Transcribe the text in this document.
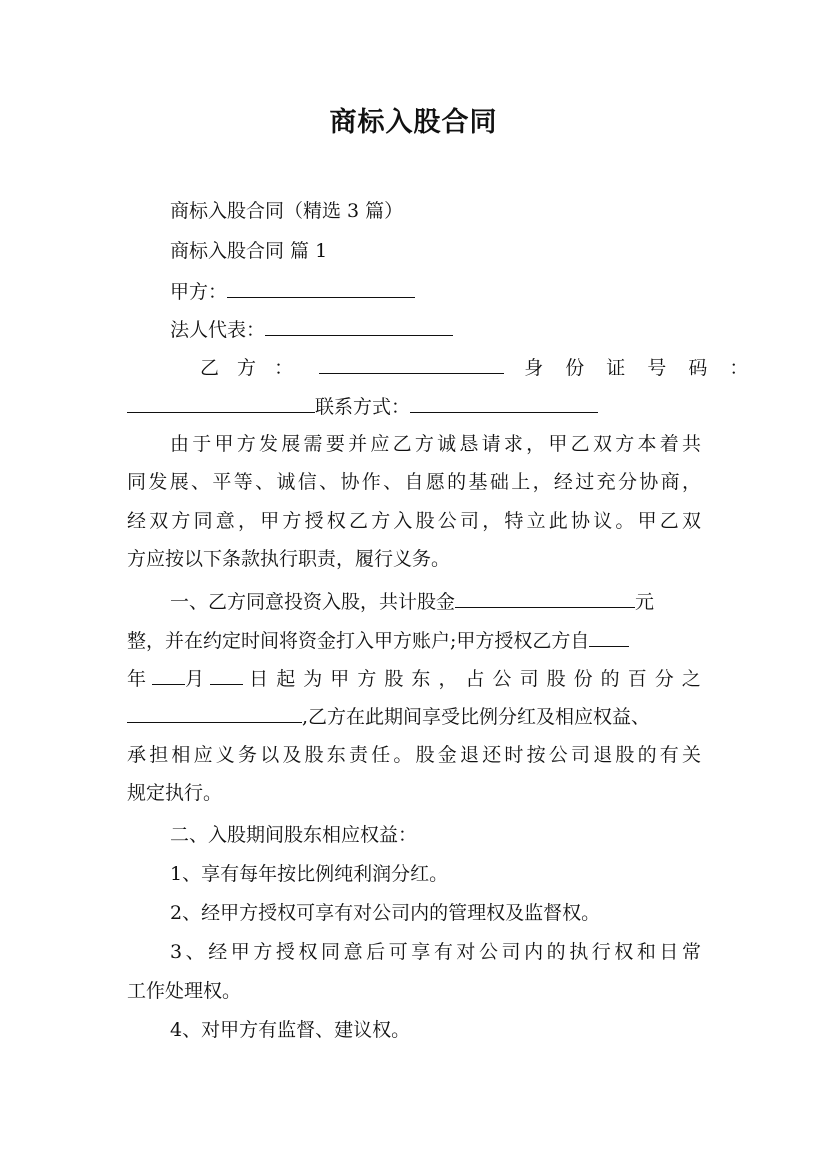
商标入股合同
商标入股合同（精选 3 篇）
商标入股合同 篇 1
甲方：
法人代表：
乙 方 ：	身 份 证 号 码 ：
联系方式：
由于甲方发展需要并应乙方诚恳请求，甲乙双方本着共
同发展、平等、诚信、协作、自愿的基础上，经过充分协商，
经双方同意，甲方授权乙方入股公司，特立此协议。甲乙双
方应按以下条款执行职责，履行义务。
一、乙方同意投资入股，共计股金	元
整，并在约定时间将资金打入甲方账户;甲方授权乙方自
年 月 日 起 为 甲 方 股 东 ， 占 公 司 股 份 的 百 分 之
,乙方在此期间享受比例分红及相应权益、
承担相应义务以及股东责任。股金退还时按公司退股的有关
规定执行。
二、入股期间股东相应权益：
1、享有每年按比例纯利润分红。
2、经甲方授权可享有对公司内的管理权及监督权。
3、经甲方授权同意后可享有对公司内的执行权和日常
工作处理权。
4、对甲方有监督、建议权。
